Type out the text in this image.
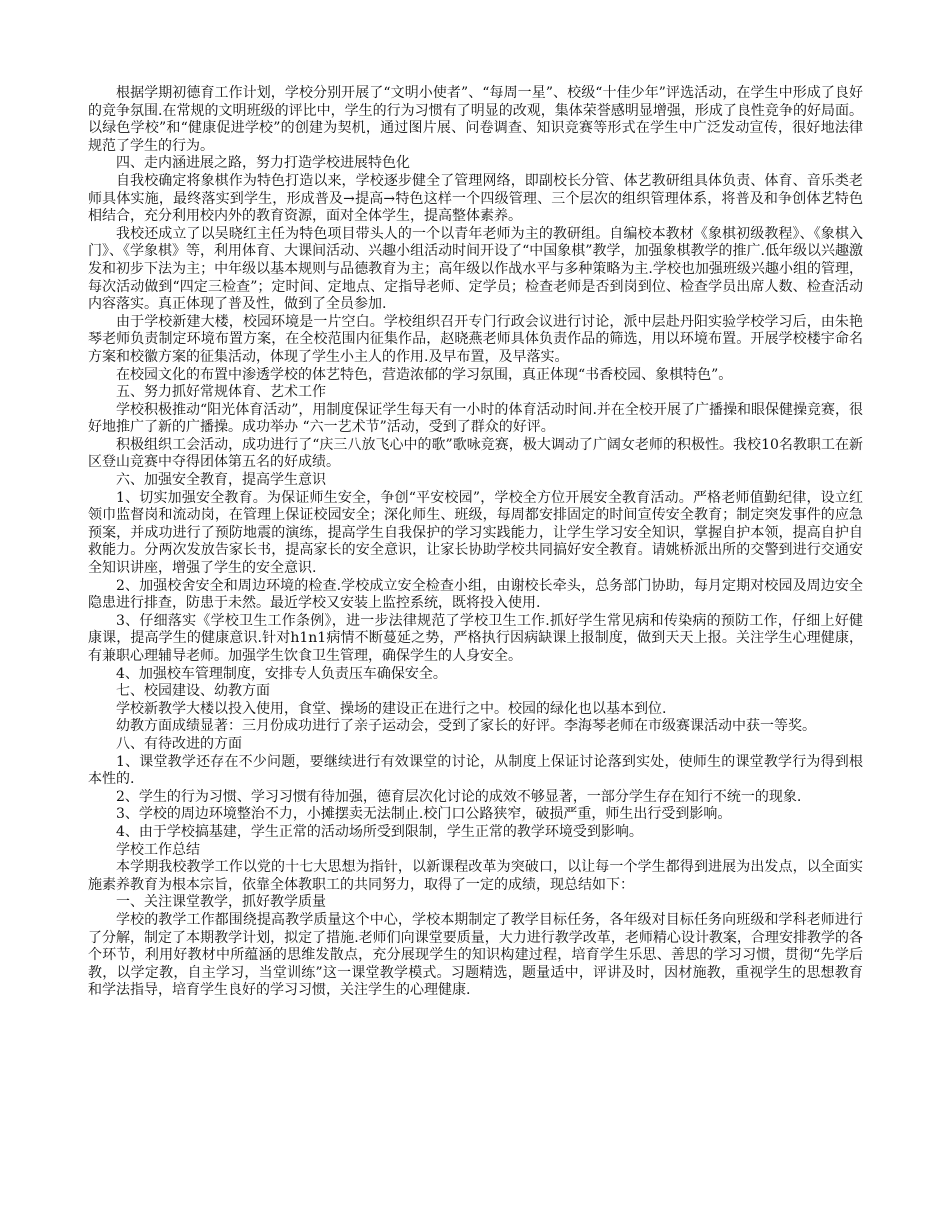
根据学期初德育工作计划，学校分别开展了“文明小使者”、“每周一星”、校级“十佳少年”评选活动，在学生中形成了良好的竞争氛围.在常规的文明班级的评比中，学生的行为习惯有了明显的改观，集体荣誉感明显增强，形成了良性竞争的好局面。以绿色学校”和“健康促进学校”的创建为契机，通过图片展、问卷调查、知识竞赛等形式在学生中广泛发动宣传，很好地法律规范了学生的行为。

四、走内涵进展之路，努力打造学校进展特色化

自我校确定将象棋作为特色打造以来，学校逐步健全了管理网络，即副校长分管、体艺教研组具体负责、体育、音乐类老师具体实施，最终落实到学生，形成普及→提高→特色这样一个四级管理、三个层次的组织管理体系，将普及和争创体艺特色相结合，充分利用校内外的教育资源，面对全体学生，提高整体素养。

我校还成立了以吴晓红主任为特色项目带头人的一个以青年老师为主的教研组。自编校本教材《象棋初级教程》、《象棋入门》、《学象棋》等，利用体育、大课间活动、兴趣小组活动时间开设了“中国象棋”教学，加强象棋教学的推广.低年级以兴趣激发和初步下法为主；中年级以基本规则与品德教育为主；高年级以作战水平与多种策略为主.学校也加强班级兴趣小组的管理，每次活动做到“四定三检查”；定时间、定地点、定指导老师、定学员；检查老师是否到岗到位、检查学员出席人数、检查活动内容落实。真正体现了普及性，做到了全员参加.

由于学校新建大楼，校园环境是一片空白。学校组织召开专门行政会议进行讨论，派中层赴丹阳实验学校学习后，由朱艳琴老师负责制定环境布置方案，在全校范围内征集作品，赵晓燕老师具体负责作品的筛选，用以环境布置。开展学校楼宇命名方案和校徽方案的征集活动，体现了学生小主人的作用.及早布置，及早落实。

在校园文化的布置中渗透学校的体艺特色，营造浓郁的学习氛围，真正体现“书香校园、象棋特色”。

五、努力抓好常规体育、艺术工作

学校积极推动“阳光体育活动”，用制度保证学生每天有一小时的体育活动时间.并在全校开展了广播操和眼保健操竞赛，很好地推广了新的广播操。成功举办 “六一艺术节”活动，受到了群众的好评。

积极组织工会活动，成功进行了“庆三八放飞心中的歌”歌咏竞赛，极大调动了广阔女老师的积极性。我校10名教职工在新区登山竞赛中夺得团体第五名的好成绩。

六、加强安全教育，提高学生意识

1、切实加强安全教育。为保证师生安全，争创“平安校园”，学校全方位开展安全教育活动。严格老师值勤纪律，设立红领巾监督岗和流动岗，在管理上保证校园安全；深化师生、班级，每周都安排固定的时间宣传安全教育；制定突发事件的应急预案，并成功进行了预防地震的演练，提高学生自我保护的学习实践能力，让学生学习安全知识，掌握自护本领，提高自护自救能力。分两次发放告家长书，提高家长的安全意识，让家长协助学校共同搞好安全教育。请姚桥派出所的交警到进行交通安全知识讲座，增强了学生的安全意识.

2、加强校舍安全和周边环境的检查.学校成立安全检查小组，由谢校长牵头，总务部门协助，每月定期对校园及周边安全隐患进行排查，防患于未然。最近学校又安装上监控系统，既将投入使用.

3、仔细落实《学校卫生工作条例》，进一步法律规范了学校卫生工作.抓好学生常见病和传染病的预防工作，仔细上好健康课，提高学生的健康意识.针对h1n1病情不断蔓延之势，严格执行因病缺课上报制度，做到天天上报。关注学生心理健康，有兼职心理辅导老师。加强学生饮食卫生管理，确保学生的人身安全。

4、加强校车管理制度，安排专人负责压车确保安全。

七、校园建设、幼教方面

学校新教学大楼以投入使用，食堂、操场的建设正在进行之中。校园的绿化也以基本到位.

幼教方面成绩显著：三月份成功进行了亲子运动会，受到了家长的好评。李海琴老师在市级赛课活动中获一等奖。

八、有待改进的方面

1、课堂教学还存在不少问题，要继续进行有效课堂的讨论，从制度上保证讨论落到实处，使师生的课堂教学行为得到根本性的.

2、学生的行为习惯、学习习惯有待加强，德育层次化讨论的成效不够显著，一部分学生存在知行不统一的现象.

3、学校的周边环境整治不力，小摊摆卖无法制止.校门口公路狭窄，破损严重，师生出行受到影响。

4、由于学校搞基建，学生正常的活动场所受到限制，学生正常的教学环境受到影响。

学校工作总结

本学期我校教学工作以党的十七大思想为指针，以新课程改革为突破口，以让每一个学生都得到进展为出发点，以全面实施素养教育为根本宗旨，依靠全体教职工的共同努力，取得了一定的成绩，现总结如下：

一、关注课堂教学，抓好教学质量

学校的教学工作都围绕提高教学质量这个中心，学校本期制定了教学目标任务，各年级对目标任务向班级和学科老师进行了分解，制定了本期教学计划，拟定了措施.老师们向课堂要质量，大力进行教学改革，老师精心设计教案，合理安排教学的各个环节，利用好教材中所蕴涵的思维发散点，充分展现学生的知识构建过程，培育学生乐思、善思的学习习惯，贯彻“先学后教，以学定教，自主学习，当堂训练”这一课堂教学模式。习题精选，题量适中，评讲及时，因材施教，重视学生的思想教育和学法指导，培育学生良好的学习习惯，关注学生的心理健康.
